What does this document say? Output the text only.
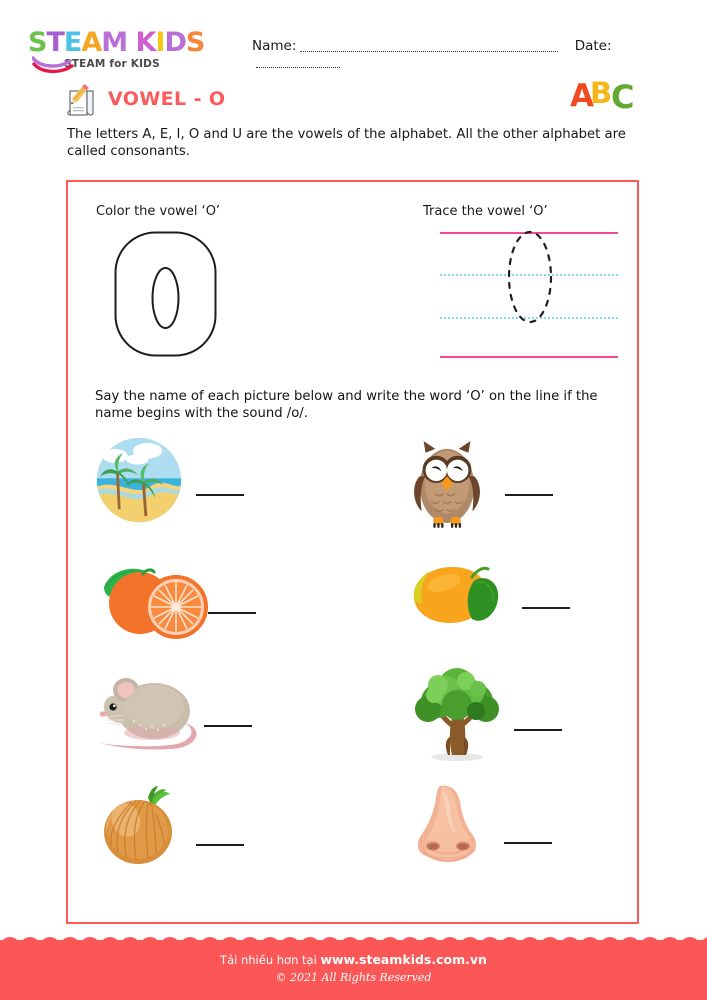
STEAM KIDS
STEAM for KIDS
Name:	Date:
VOWEL - O	A
B
C
The letters A, E, I, O and U are the vowels of the alphabet. All the other alphabet are called consonants.
Color the vowel ‘O’	Trace the vowel ‘O’
Say the name of each picture below and write the word ‘O’ on the line if the name begins with the sound /o/.
Tải nhiều hơn tại www.steamkids.com.vn
© 2021 All Rights Reserved
